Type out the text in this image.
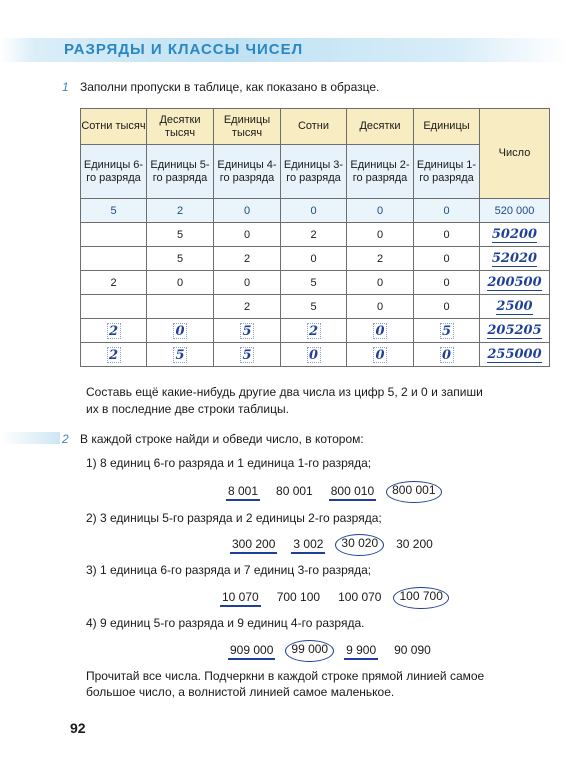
РАЗРЯДЫ И КЛАССЫ ЧИСЕЛ
1 Заполни пропуски в таблице, как показано в образце.
Сотни тысяч	Десятки тысяч	Единицы тысяч	Сотни	Десятки	Единицы	Число
Единицы 6-го разряда	Единицы 5-го разряда	Единицы 4-го разряда	Единицы 3-го разряда	Единицы 2-го разряда	Единицы 1-го разряда	
5	2	0	0	0	0	520 000
	5	0	2	0	0	50200
	5	2	0	2	0	52020
2	0	0	5	0	0	200500
		2	5	0	0	2500
2	0	5	2	0	5	205205
2	5	5	0	0	0	255000
Составь ещё какие-нибудь другие два числа из цифр 5, 2 и 0 и запиши
их в последние две строки таблицы.
2 В каждой строке найди и обведи число, в котором:
1) 8 единиц 6-го разряда и 1 единица 1-го разряда;
8 001 80 001 800 010	800 001
2) 3 единицы 5-го разряда и 2 единицы 2-го разряда;
300 200 3 002	30 020	30 200
3) 1 единица 6-го разряда и 7 единиц 3-го разряда;
10 070 700 100 100 070	100 700
4) 9 единиц 5-го разряда и 9 единиц 4-го разряда.
909 000	99 000	9 900 90 090
Прочитай все числа. Подчеркни в каждой строке прямой линией самое
большое число, а волнистой линией самое маленькое.
92
